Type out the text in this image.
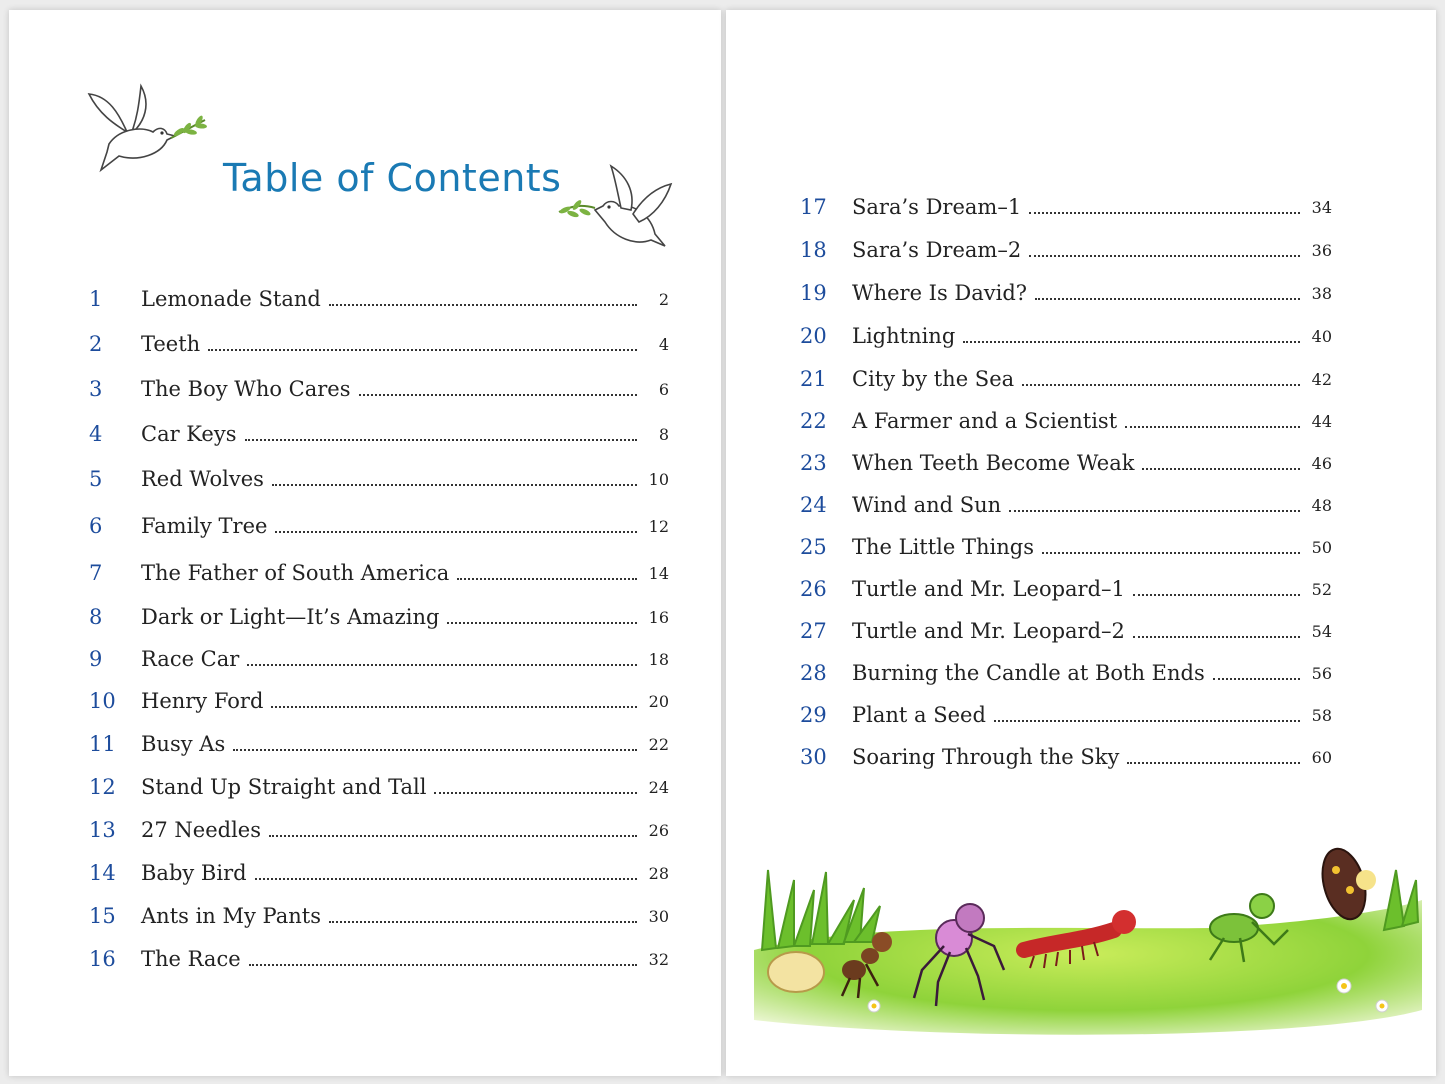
Table of Contents
1	Lemonade Stand	2
2	Teeth	4
3	The Boy Who Cares	6
4	Car Keys	8
5	Red Wolves	10
6	Family Tree	12
7	The Father of South America	14
8	Dark or Light—It’s Amazing	16
9	Race Car	18
10	Henry Ford	20
11	Busy As	22
12	Stand Up Straight and Tall	24
13	27 Needles	26
14	Baby Bird	28
15	Ants in My Pants	30
16	The Race	32
17	Sara’s Dream–1	34
18	Sara’s Dream–2	36
19	Where Is David?	38
20	Lightning	40
21	City by the Sea	42
22	A Farmer and a Scientist	44
23	When Teeth Become Weak	46
24	Wind and Sun	48
25	The Little Things	50
26	Turtle and Mr. Leopard–1	52
27	Turtle and Mr. Leopard–2	54
28	Burning the Candle at Both Ends	56
29	Plant a Seed	58
30	Soaring Through the Sky	60
